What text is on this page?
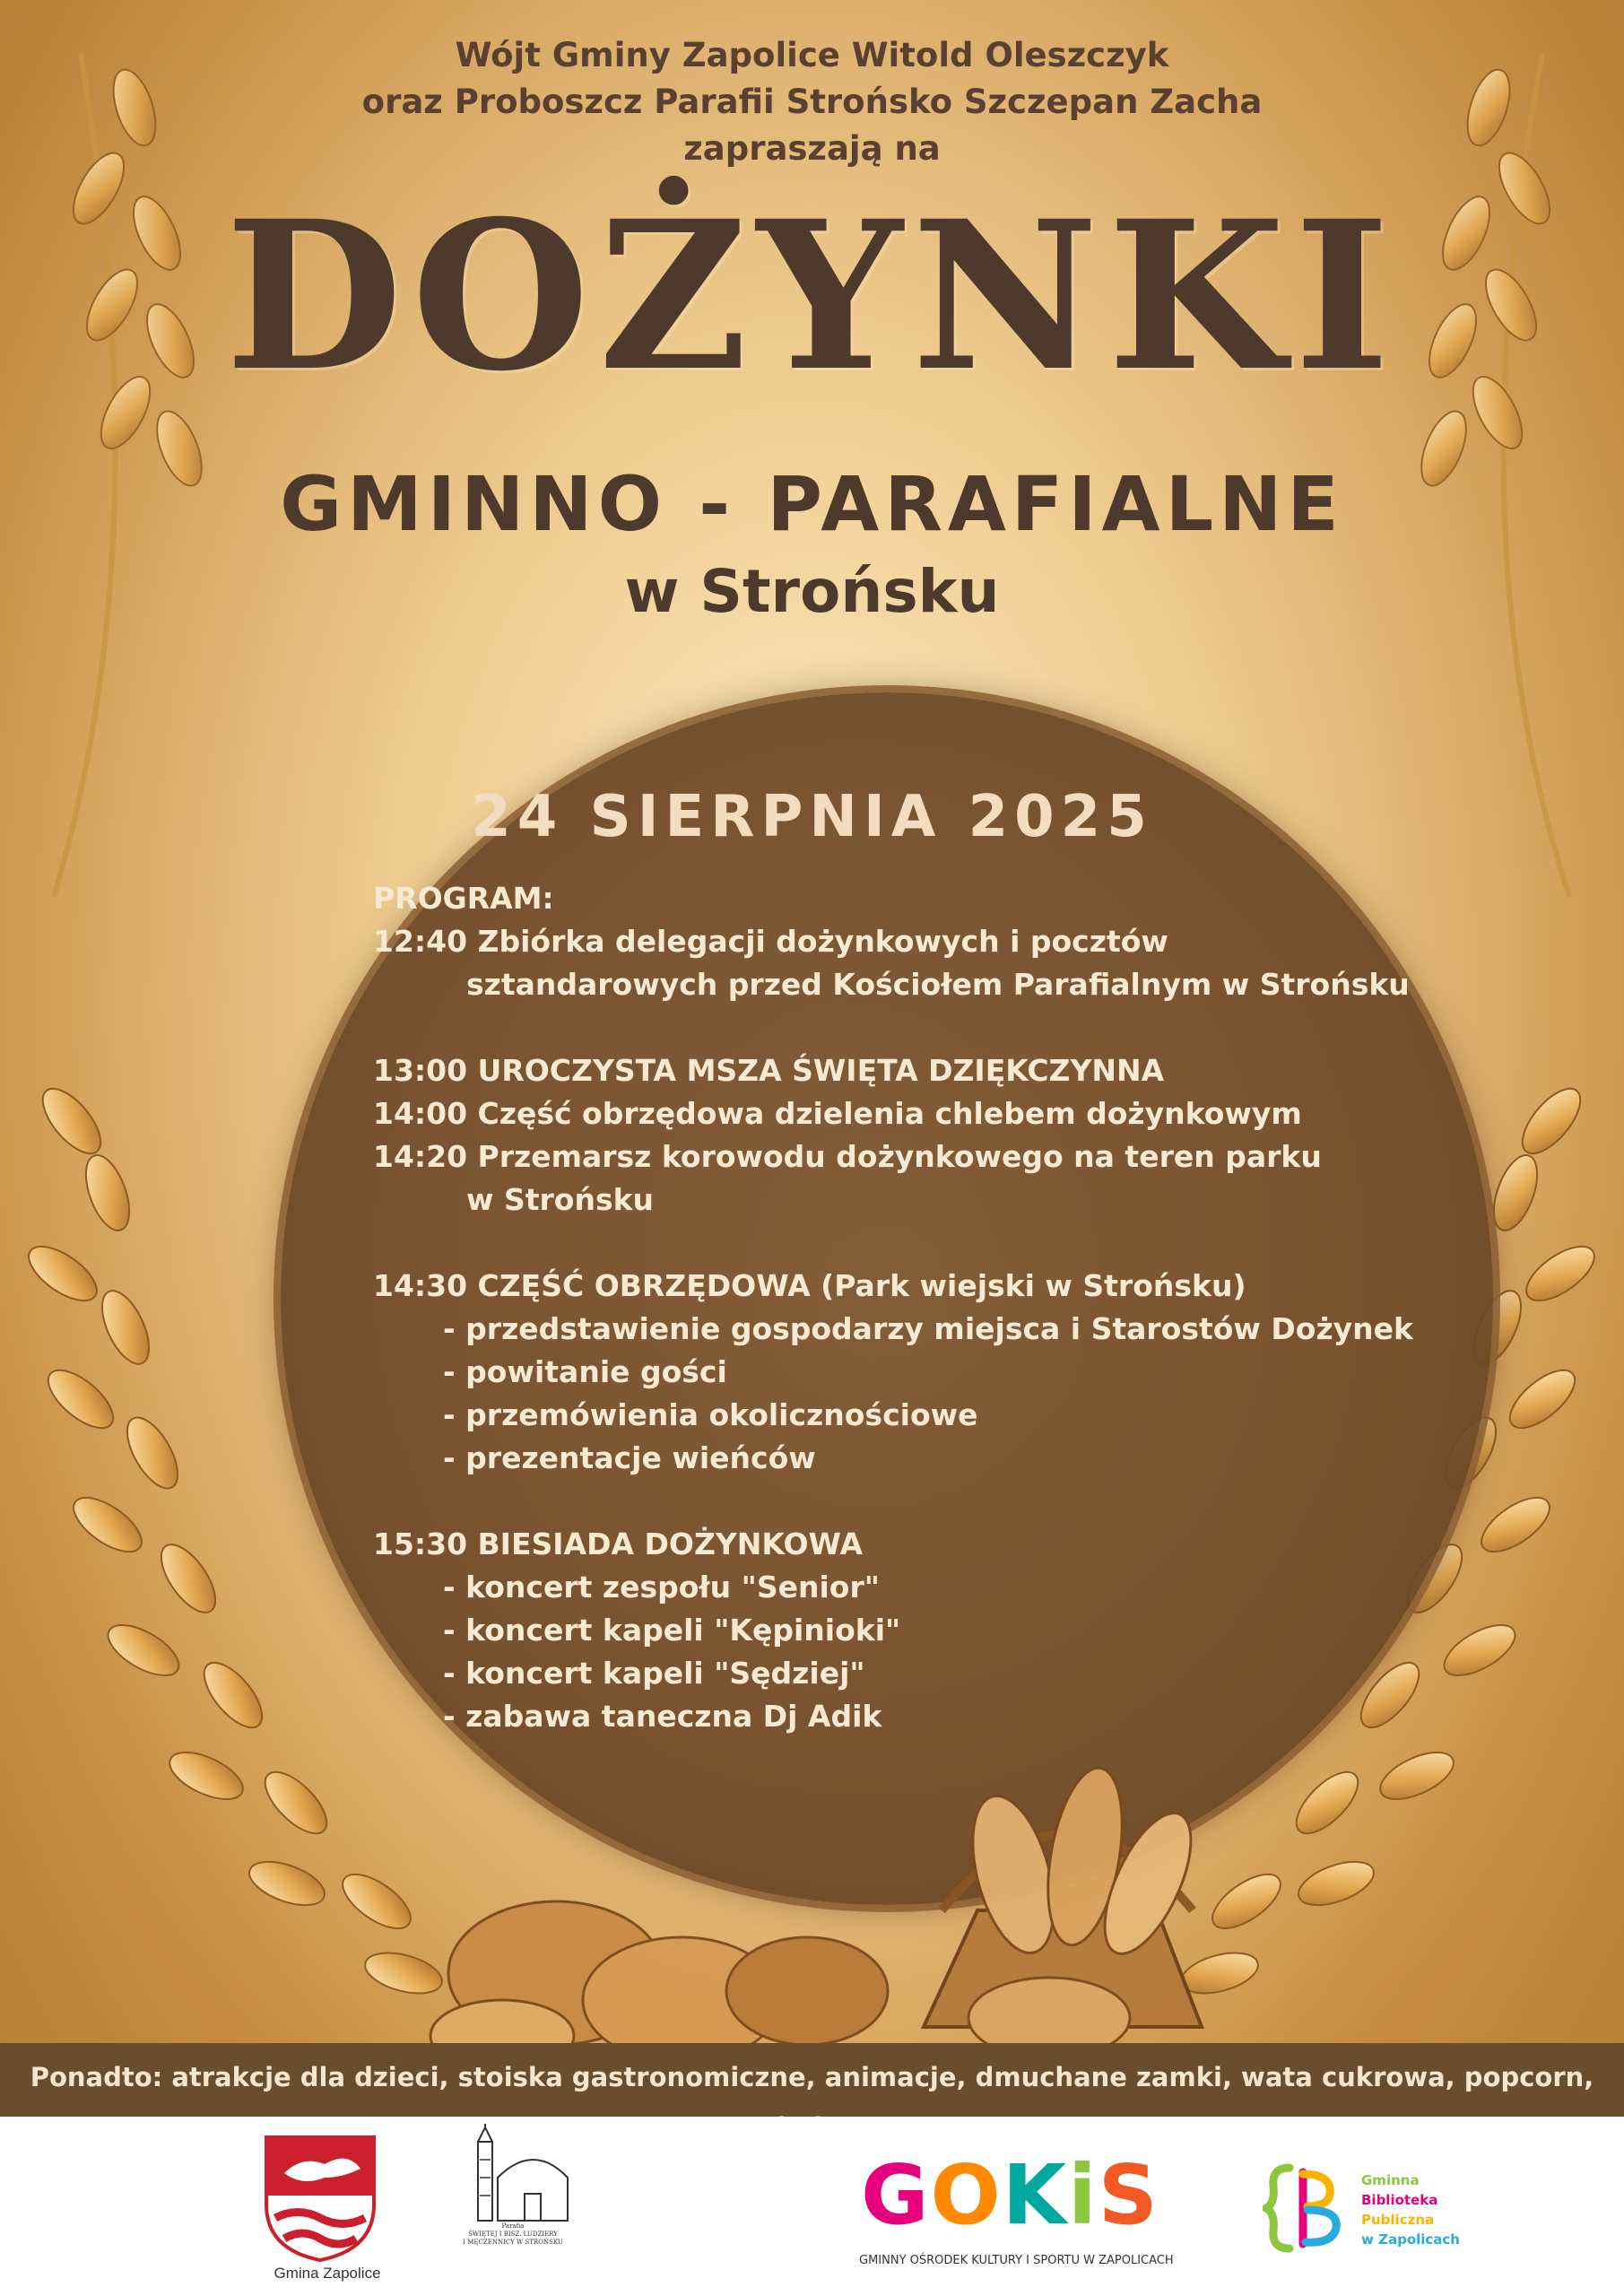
Wójt Gminy Zapolice Witold Oleszczyk
oraz Proboszcz Parafii Strońsko Szczepan Zacha
zapraszają na
DOŻYNKI
GMINNO - PARAFIALNE
w Strońsku
24 SIERPNIA 2025
PROGRAM:
12:40 Zbiórka delegacji dożynkowych i pocztów
sztandarowych przed Kościołem Parafialnym w Strońsku
13:00 UROCZYSTA MSZA ŚWIĘTA DZIĘKCZYNNA
14:00 Część obrzędowa dzielenia chlebem dożynkowym
14:20 Przemarsz korowodu dożynkowego na teren parku
w Strońsku
14:30 CZĘŚĆ OBRZĘDOWA (Park wiejski w Strońsku)
- przedstawienie gospodarzy miejsca i Starostów Dożynek
- powitanie gości
- przemówienia okolicznościowe
- prezentacje wieńców
15:30 BIESIADA DOŻYNKOWA
- koncert zespołu "Senior"
- koncert kapeli "Kępinioki"
- koncert kapeli "Sędziej"
- zabawa taneczna Dj Adik
Ponadto: atrakcje dla dzieci, stoiska gastronomiczne, animacje, dmuchane zamki, wata cukrowa, popcorn,
Gmina Zapolice
Parafia
ŚWIĘTEJ I BISZ. LUDZIERY
I MĘCZENNICY W STROŃSKU	GOKiS
GMINNY OŚRODEK KULTURY I SPORTU W ZAPOLICACH
Gminna
Biblioteka
Publiczna
w Zapolicach
